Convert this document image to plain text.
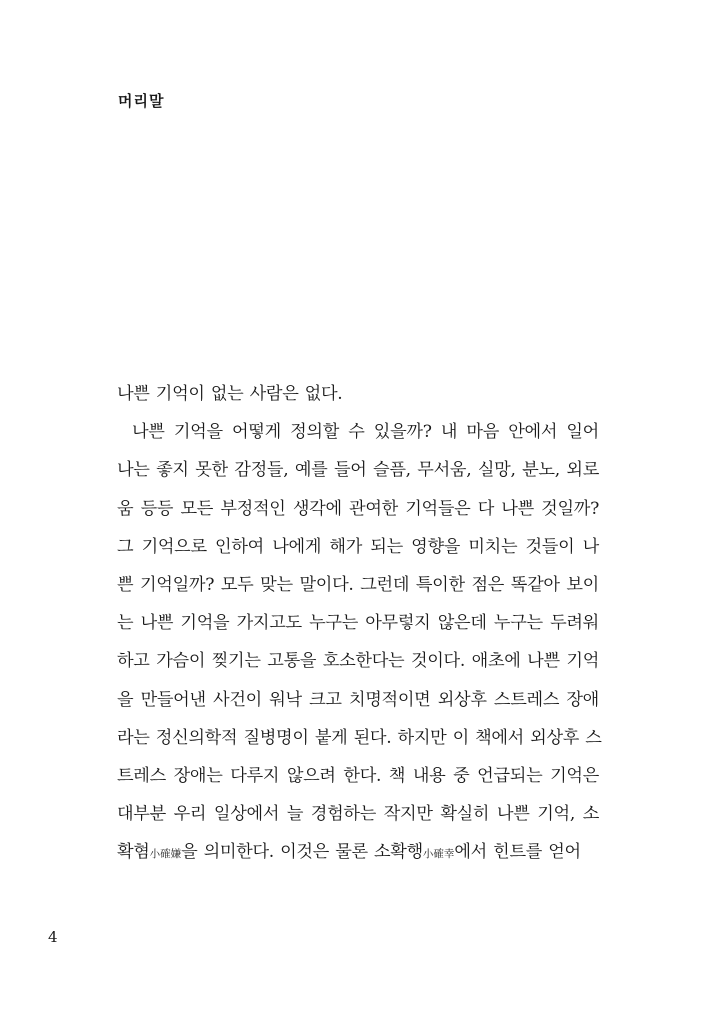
머리말
나쁜 기억이 없는 사람은 없다.
나쁜 기억을 어떻게 정의할 수 있을까? 내 마음 안에서 일어
나는 좋지 못한 감정들, 예를 들어 슬픔, 무서움, 실망, 분노, 외로
움 등등 모든 부정적인 생각에 관여한 기억들은 다 나쁜 것일까?
그 기억으로 인하여 나에게 해가 되는 영향을 미치는 것들이 나
쁜 기억일까? 모두 맞는 말이다. 그런데 특이한 점은 똑같아 보이
는 나쁜 기억을 가지고도 누구는 아무렇지 않은데 누구는 두려워
하고 가슴이 찢기는 고통을 호소한다는 것이다. 애초에 나쁜 기억
을 만들어낸 사건이 워낙 크고 치명적이면 외상후 스트레스 장애
라는 정신의학적 질병명이 붙게 된다. 하지만 이 책에서 외상후 스
트레스 장애는 다루지 않으려 한다. 책 내용 중 언급되는 기억은
대부분 우리 일상에서 늘 경험하는 작지만 확실히 나쁜 기억, 소
확혐小確嫌을 의미한다. 이것은 물론 소확행小確幸에서 힌트를 얻어
4
